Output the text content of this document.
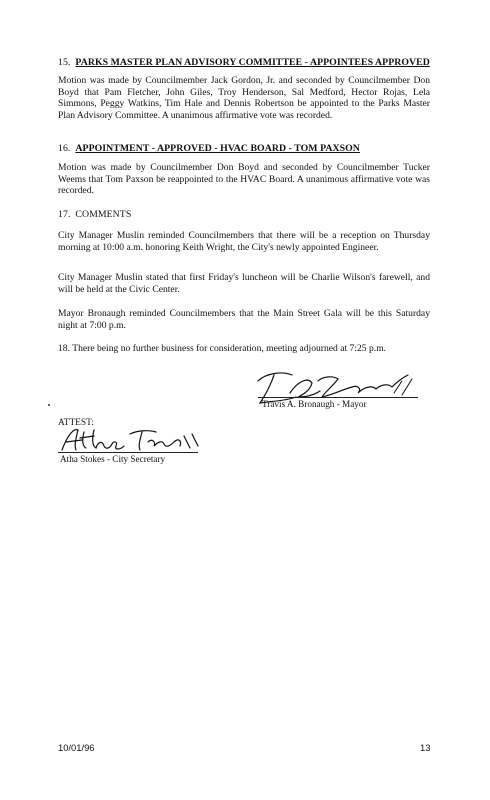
15. PARKS MASTER PLAN ADVISORY COMMITTEE - APPOINTEES APPROVED
Motion was made by Councilmember Jack Gordon, Jr. and seconded by Councilmember Don Boyd that Pam Fletcher, John Giles, Troy Henderson, Sal Medford, Hector Rojas, Lela Simmons, Peggy Watkins, Tim Hale and Dennis Robertson be appointed to the Parks Master Plan Advisory Committee. A unanimous affirmative vote was recorded.
16. APPOINTMENT - APPROVED - HVAC BOARD - TOM PAXSON
Motion was made by Councilmember Don Boyd and seconded by Councilmember Tucker Weems that Tom Paxson be reappointed to the HVAC Board. A unanimous affirmative vote was recorded.
17. COMMENTS
City Manager Muslin reminded Councilmembers that there will be a reception on Thursday morning at 10:00 a.m. honoring Keith Wright, the City's newly appointed Engineer.
City Manager Muslin stated that first Friday's luncheon will be Charlie Wilson's farewell, and will be held at the Civic Center.
Mayor Bronaugh reminded Councilmembers that the Main Street Gala will be this Saturday night at 7:00 p.m.
18. There being no further business for consideration, meeting adjourned at 7:25 p.m.
Travis A. Bronaugh - Mayor
ATTEST:
Atha Stokes - City Secretary
10/01/96	13
